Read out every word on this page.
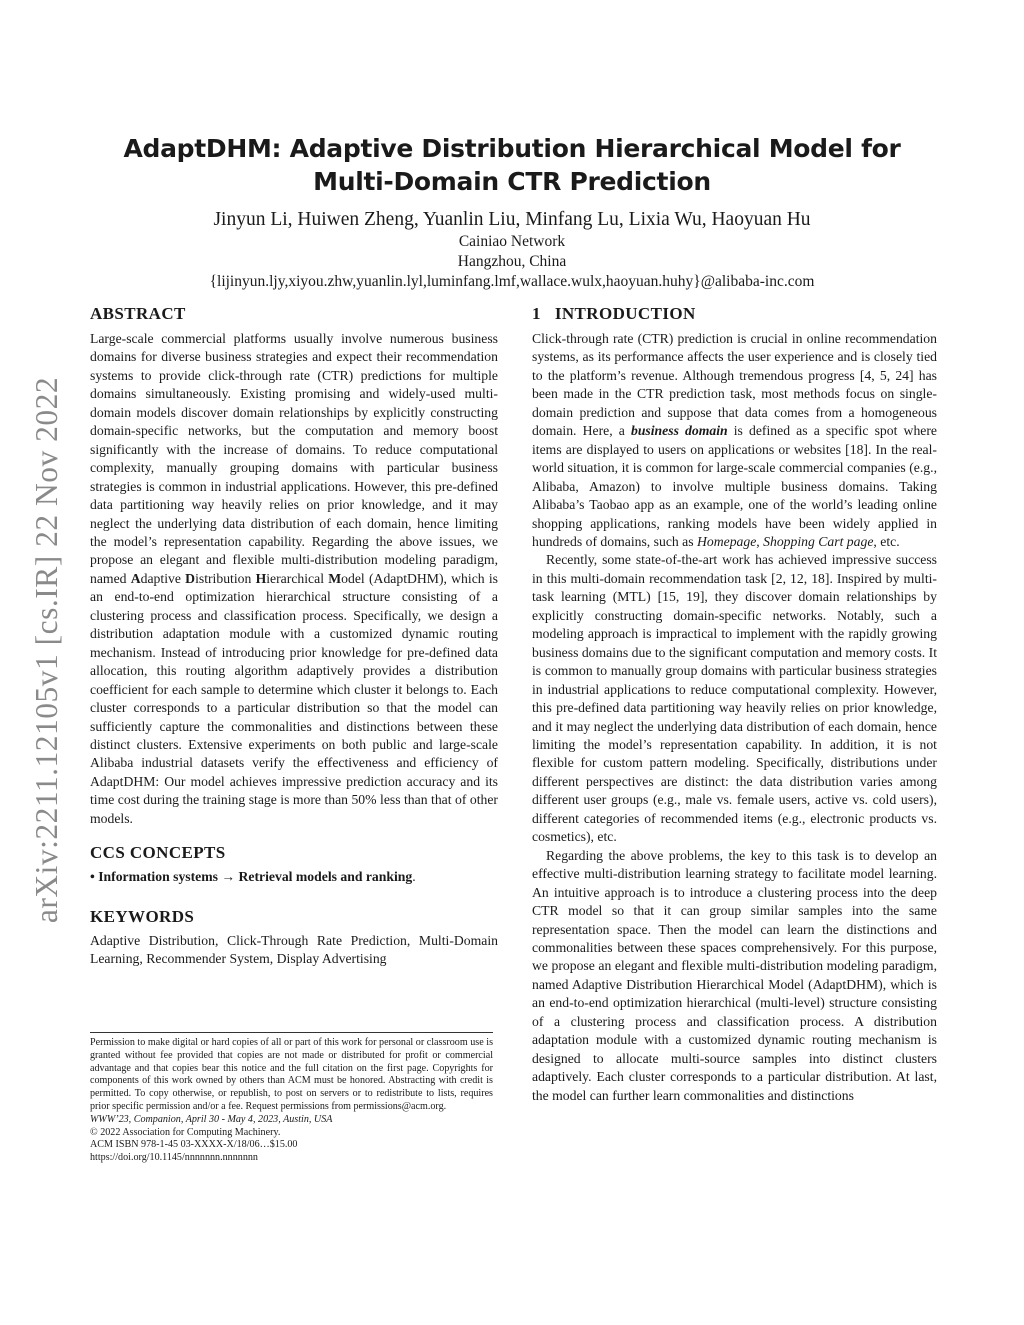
arXiv:2211.12105v1 [cs.IR] 22 Nov 2022
AdaptDHM: Adaptive Distribution Hierarchical Model for
Multi-Domain CTR Prediction
Jinyun Li, Huiwen Zheng, Yuanlin Liu, Minfang Lu, Lixia Wu, Haoyuan Hu
Cainiao Network
Hangzhou, China
{lijinyun.ljy,xiyou.zhw,yuanlin.lyl,luminfang.lmf,wallace.wulx,haoyuan.huhy}@alibaba-inc.com
ABSTRACT

Large-scale commercial platforms usually involve numerous business domains for diverse business strategies and expect their recommendation systems to provide click-through rate (CTR) predictions for multiple domains simultaneously. Existing promising and widely-used multi-domain models discover domain relationships by explicitly constructing domain-specific networks, but the computation and memory boost significantly with the increase of domains. To reduce computational complexity, manually grouping domains with particular business strategies is common in industrial applications. However, this pre-defined data partitioning way heavily relies on prior knowledge, and it may neglect the underlying data distribution of each domain, hence limiting the model’s representation capability. Regarding the above issues, we propose an elegant and flexible multi-distribution modeling paradigm, named Adaptive Distribution Hierarchical Model (AdaptDHM), which is an end-to-end optimization hierarchical structure consisting of a clustering process and classification process. Specifically, we design a distribution adaptation module with a customized dynamic routing mechanism. Instead of introducing prior knowledge for pre-defined data allocation, this routing algorithm adaptively provides a distribution coefficient for each sample to determine which cluster it belongs to. Each cluster corresponds to a particular distribution so that the model can sufficiently capture the commonalities and distinctions between these distinct clusters. Extensive experiments on both public and large-scale Alibaba industrial datasets verify the effectiveness and efficiency of AdaptDHM: Our model achieves impressive prediction accuracy and its time cost during the training stage is more than 50% less than that of other models.

CCS CONCEPTS

• Information systems → Retrieval models and ranking.

KEYWORDS

Adaptive Distribution, Click-Through Rate Prediction, Multi-Domain Learning, Recommender System, Display Advertising

Permission to make digital or hard copies of all or part of this work for personal or classroom use is granted without fee provided that copies are not made or distributed for profit or commercial advantage and that copies bear this notice and the full citation on the first page. Copyrights for components of this work owned by others than ACM must be honored. Abstracting with credit is permitted. To copy otherwise, or republish, to post on servers or to redistribute to lists, requires prior specific permission and/or a fee. Request permissions from permissions@acm.org.
WWW’23, Companion, April 30 - May 4, 2023, Austin, USA
© 2022 Association for Computing Machinery.
ACM ISBN 978-1-45 03-XXXX-X/18/06…$15.00
https://doi.org/10.1145/nnnnnnn.nnnnnnn
1   INTRODUCTION

Click-through rate (CTR) prediction is crucial in online recommendation systems, as its performance affects the user experience and is closely tied to the platform’s revenue. Although tremendous progress [4, 5, 24] has been made in the CTR prediction task, most methods focus on single-domain prediction and suppose that data comes from a homogeneous domain. Here, a business domain is defined as a specific spot where items are displayed to users on applications or websites [18]. In the real-world situation, it is common for large-scale commercial companies (e.g., Alibaba, Amazon) to involve multiple business domains. Taking Alibaba’s Taobao app as an example, one of the world’s leading online shopping applications, ranking models have been widely applied in hundreds of domains, such as Homepage, Shopping Cart page, etc.

Recently, some state-of-the-art work has achieved impressive success in this multi-domain recommendation task [2, 12, 18]. Inspired by multi-task learning (MTL) [15, 19], they discover domain relationships by explicitly constructing domain-specific networks. Notably, such a modeling approach is impractical to implement with the rapidly growing business domains due to the significant computation and memory costs. It is common to manually group domains with particular business strategies in industrial applications to reduce computational complexity. However, this pre-defined data partitioning way heavily relies on prior knowledge, and it may neglect the underlying data distribution of each domain, hence limiting the model’s representation capability. In addition, it is not flexible for custom pattern modeling. Specifically, distributions under different perspectives are distinct: the data distribution varies among different user groups (e.g., male vs. female users, active vs. cold users), different categories of recommended items (e.g., electronic products vs. cosmetics), etc.

Regarding the above problems, the key to this task is to develop an effective multi-distribution learning strategy to facilitate model learning. An intuitive approach is to introduce a clustering process into the deep CTR model so that it can group similar samples into the same representation space. Then the model can learn the distinctions and commonalities between these spaces comprehensively. For this purpose, we propose an elegant and flexible multi-distribution modeling paradigm, named Adaptive Distribution Hierarchical Model (AdaptDHM), which is an end-to-end optimization hierarchical (multi-level) structure consisting of a clustering process and classification process. A distribution adaptation module with a customized dynamic routing mechanism is designed to allocate multi-source samples into distinct clusters adaptively. Each cluster corresponds to a particular distribution. At last, the model can further learn commonalities and distinctions
